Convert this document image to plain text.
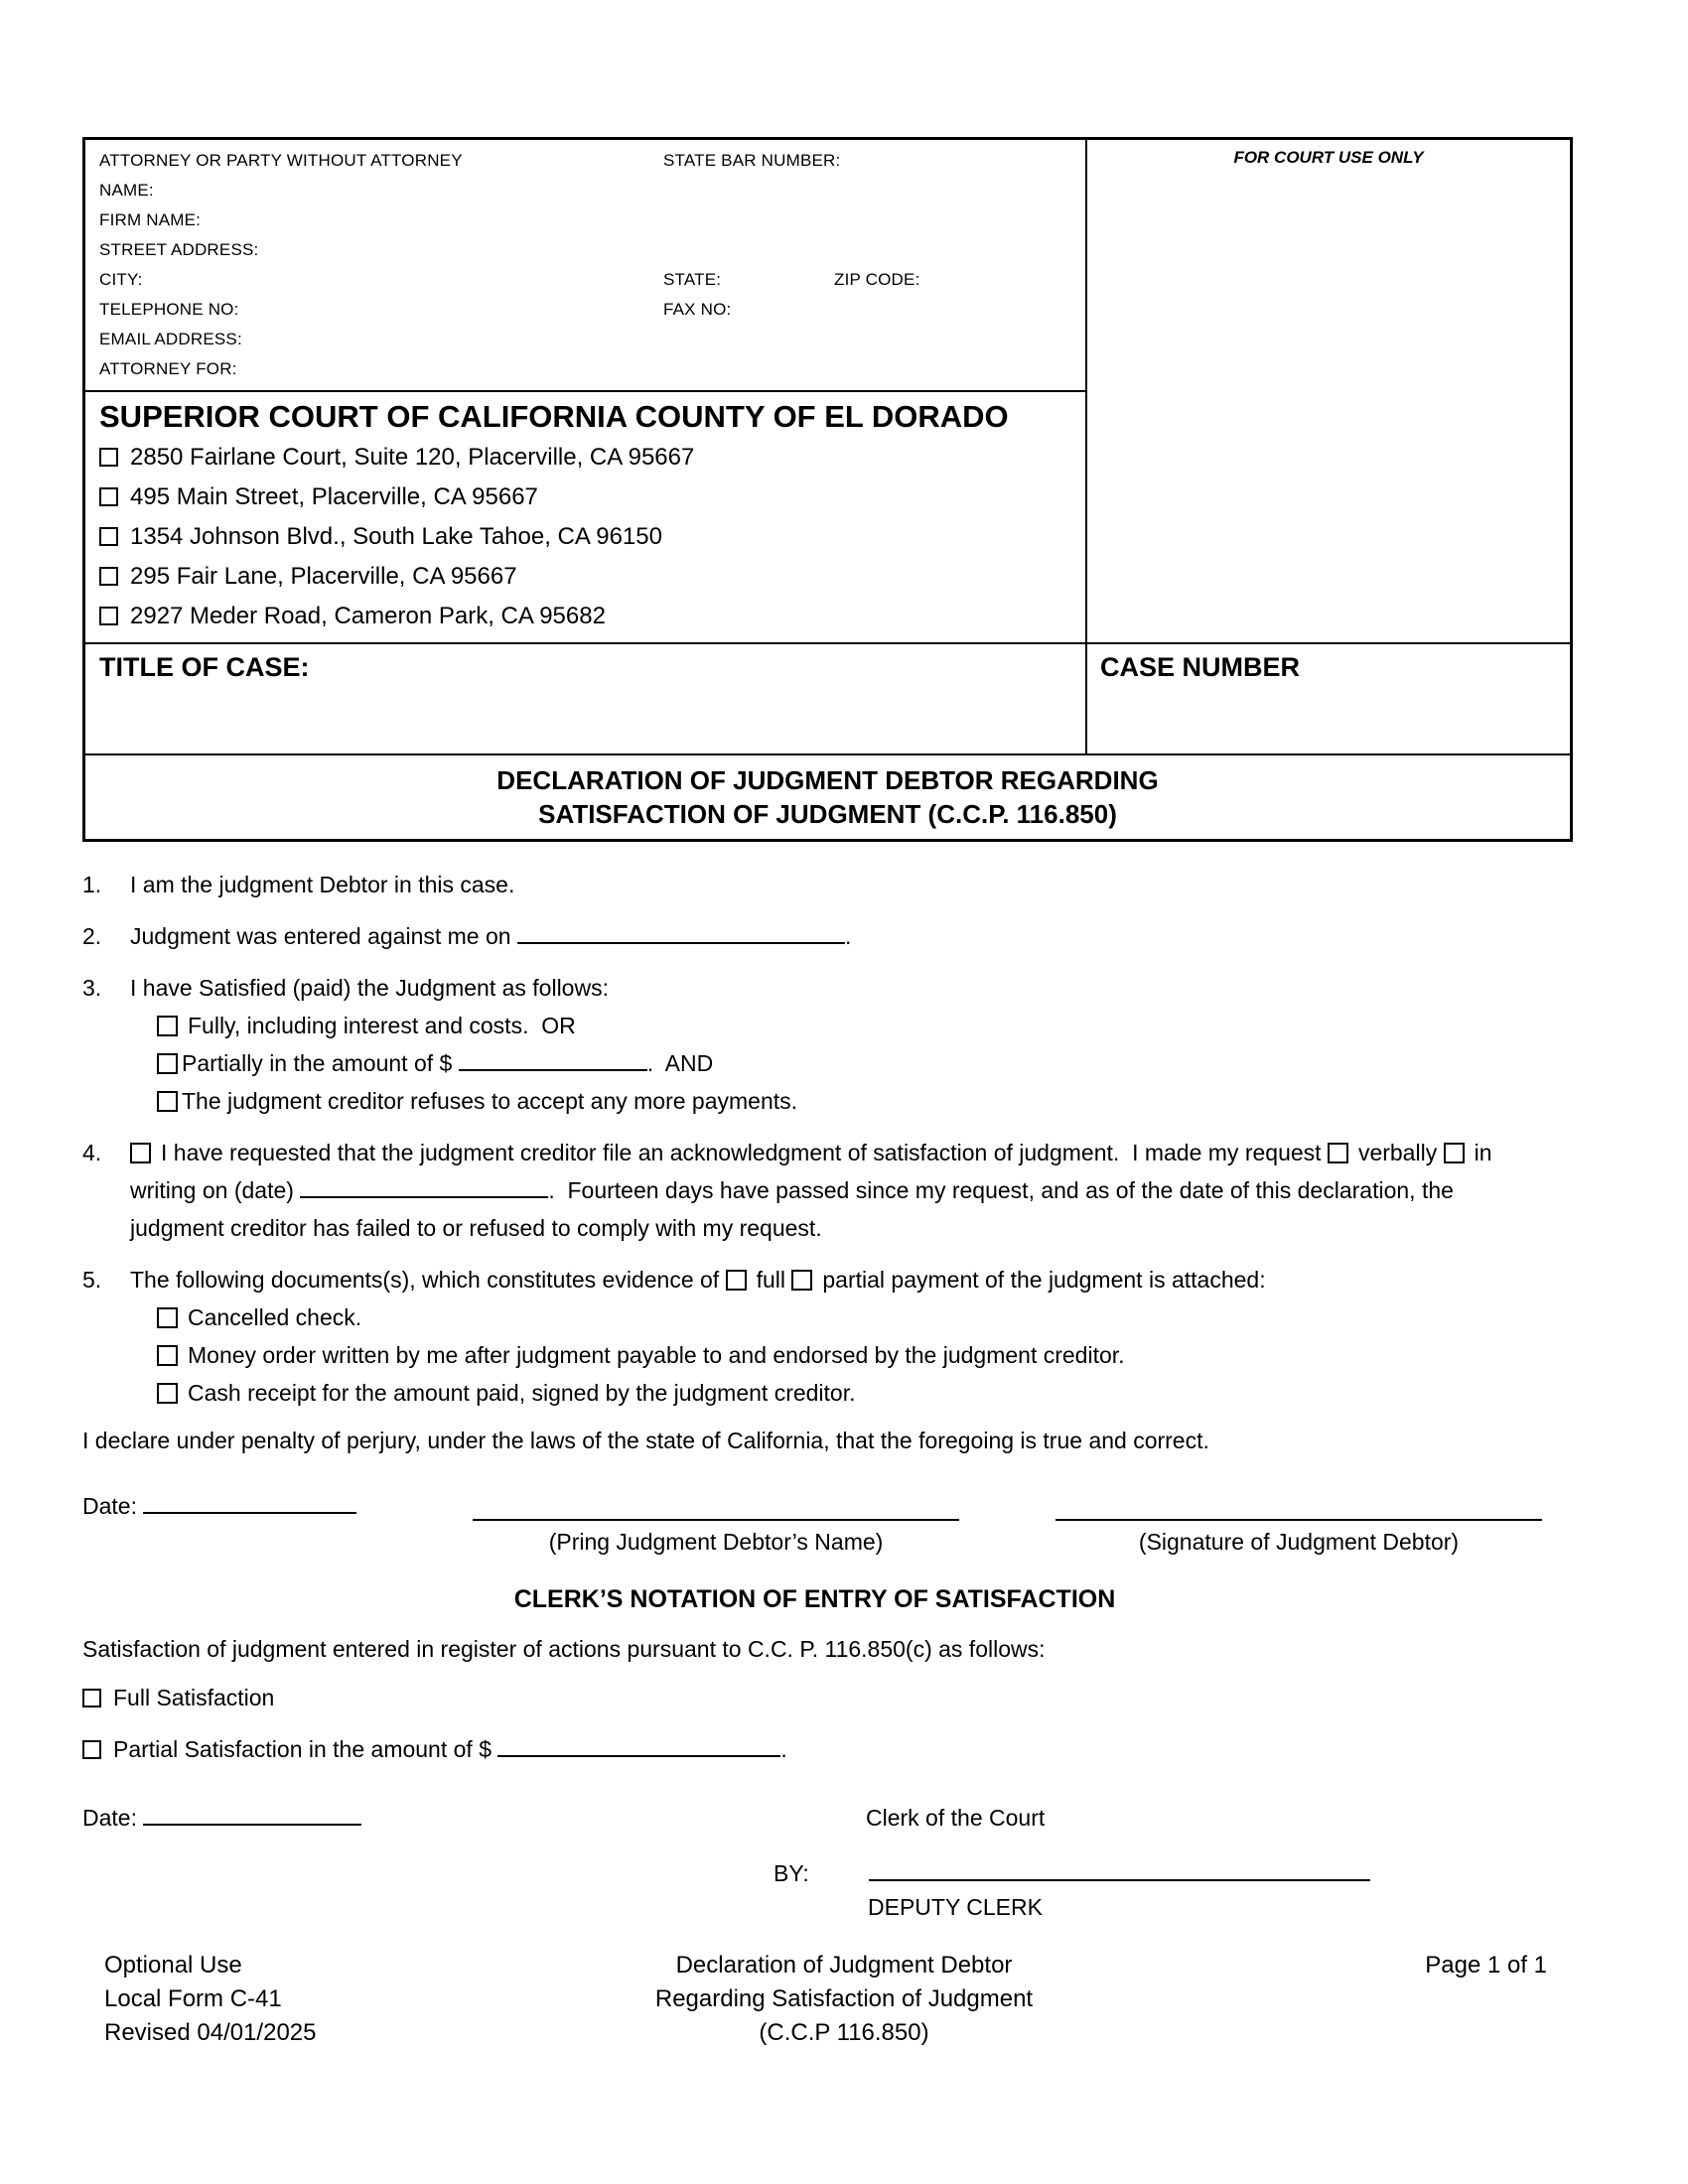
ATTORNEY OR PARTY WITHOUT ATTORNEY	STATE BAR NUMBER:
NAME:
FIRM NAME:
STREET ADDRESS:
CITY:	STATE:	ZIP CODE:
TELEPHONE NO:	FAX NO:
EMAIL ADDRESS:
ATTORNEY FOR:
SUPERIOR COURT OF CALIFORNIA COUNTY OF EL DORADO
2850 Fairlane Court, Suite 120, Placerville, CA 95667
495 Main Street, Placerville, CA 95667
1354 Johnson Blvd., South Lake Tahoe, CA 96150
295 Fair Lane, Placerville, CA 95667
2927 Meder Road, Cameron Park, CA 95682
FOR COURT USE ONLY
TITLE OF CASE:	CASE NUMBER
DECLARATION OF JUDGMENT DEBTOR REGARDING
SATISFACTION OF JUDGMENT (C.C.P. 116.850)
1.	I am the judgment Debtor in this case.
2.	Judgment was entered against me on	.
3.	I have Satisfied (paid) the Judgment as follows:
Fully, including interest and costs.  OR
Partially in the amount of $	.  AND
The judgment creditor refuses to accept any more payments.
4.	I have requested that the judgment creditor file an acknowledgment of satisfaction of judgment.  I made my request verbally in writing on (date)	.  Fourteen days have passed since my request, and as of the date of this declaration, the judgment creditor has failed to or refused to comply with my request.
5.	The following documents(s), which constitutes evidence of full partial payment of the judgment is attached:
Cancelled check.
Money order written by me after judgment payable to and endorsed by the judgment creditor.
Cash receipt for the amount paid, signed by the judgment creditor.

I declare under penalty of perjury, under the laws of the state of California, that the foregoing is true and correct.

Date:
(Pring Judgment Debtor’s Name)	(Signature of Judgment Debtor)
CLERK’S NOTATION OF ENTRY OF SATISFACTION
Satisfaction of judgment entered in register of actions pursuant to C.C. P. 116.850(c) as follows:
Full Satisfaction
Partial Satisfaction in the amount of $	.
Date:	Clerk of the Court
BY:
DEPUTY CLERK
Optional Use
Local Form C-41
Revised 04/01/2025
Declaration of Judgment Debtor
Regarding Satisfaction of Judgment
(C.C.P 116.850)
Page 1 of 1
